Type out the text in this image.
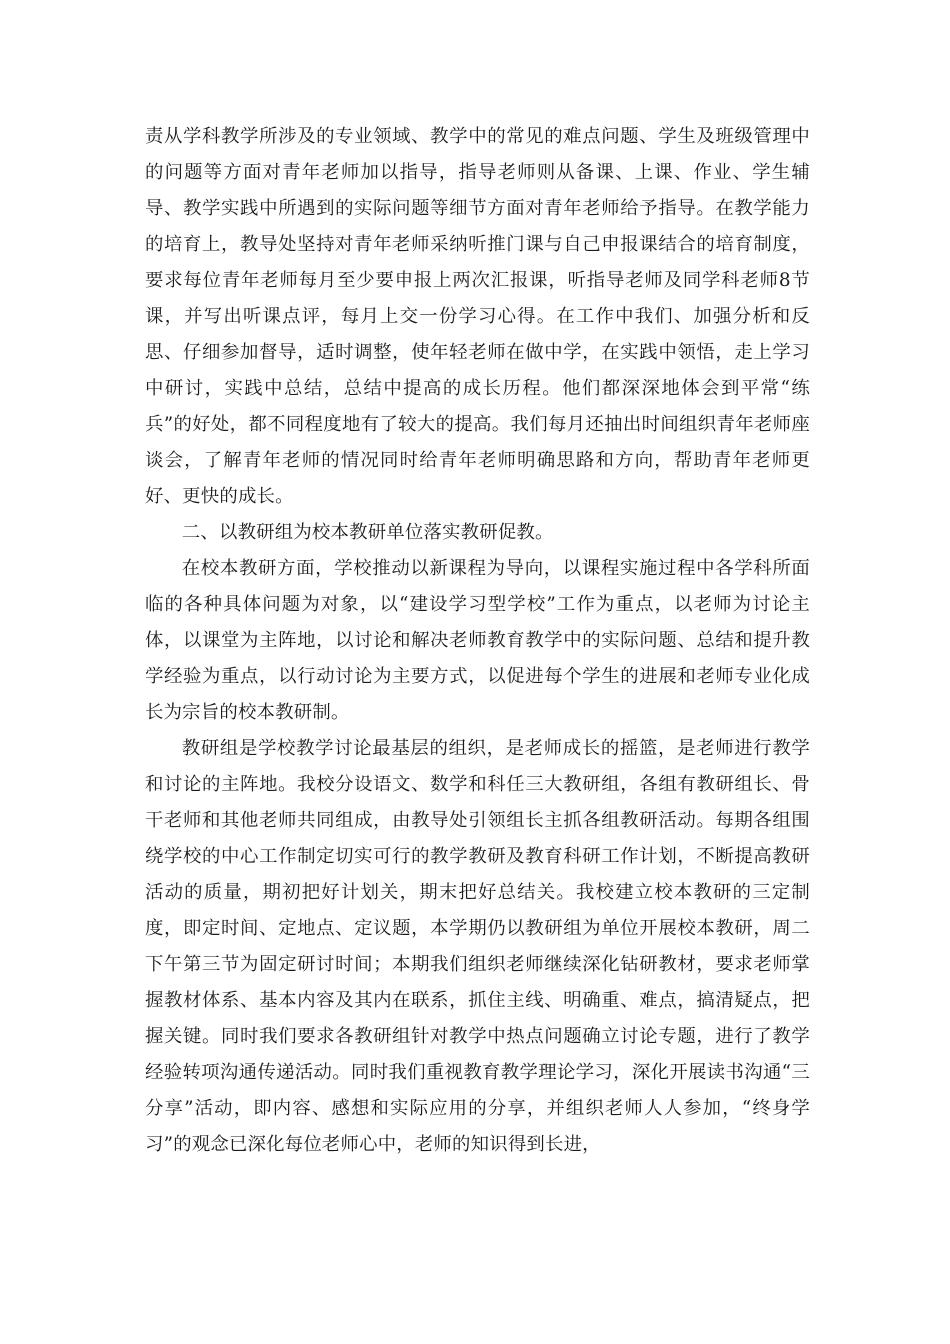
责从学科教学所涉及的专业领域、教学中的常见的难点问题、学生及班级管理中的问题等方面对青年老师加以指导，指导老师则从备课、上课、作业、学生辅导、教学实践中所遇到的实际问题等细节方面对青年老师给予指导。在教学能力的培育上，教导处坚持对青年老师采纳听推门课与自己申报课结合的培育制度，要求每位青年老师每月至少要申报上两次汇报课，听指导老师及同学科老师8节课，并写出听课点评，每月上交一份学习心得。在工作中我们、加强分析和反思、仔细参加督导，适时调整，使年轻老师在做中学，在实践中领悟，走上学习中研讨，实践中总结，总结中提高的成长历程。他们都深深地体会到平常“练兵”的好处，都不同程度地有了较大的提高。我们每月还抽出时间组织青年老师座谈会，了解青年老师的情况同时给青年老师明确思路和方向，帮助青年老师更好、更快的成长。

二、以教研组为校本教研单位落实教研促教。

在校本教研方面，学校推动以新课程为导向，以课程实施过程中各学科所面临的各种具体问题为对象，以“建设学习型学校”工作为重点，以老师为讨论主体，以课堂为主阵地，以讨论和解决老师教育教学中的实际问题、总结和提升教学经验为重点，以行动讨论为主要方式，以促进每个学生的进展和老师专业化成长为宗旨的校本教研制。

教研组是学校教学讨论最基层的组织，是老师成长的摇篮，是老师进行教学和讨论的主阵地。我校分设语文、数学和科任三大教研组，各组有教研组长、骨干老师和其他老师共同组成，由教导处引领组长主抓各组教研活动。每期各组围绕学校的中心工作制定切实可行的教学教研及教育科研工作计划，不断提高教研活动的质量，期初把好计划关，期末把好总结关。我校建立校本教研的三定制度，即定时间、定地点、定议题，本学期仍以教研组为单位开展校本教研，周二下午第三节为固定研讨时间；本期我们组织老师继续深化钻研教材，要求老师掌握教材体系、基本内容及其内在联系，抓住主线、明确重、难点，搞清疑点，把握关键。同时我们要求各教研组针对教学中热点问题确立讨论专题，进行了教学经验转项沟通传递活动。同时我们重视教育教学理论学习，深化开展读书沟通“三分享”活动，即内容、感想和实际应用的分享，并组织老师人人参加，“终身学习”的观念已深化每位老师心中，老师的知识得到长进，
